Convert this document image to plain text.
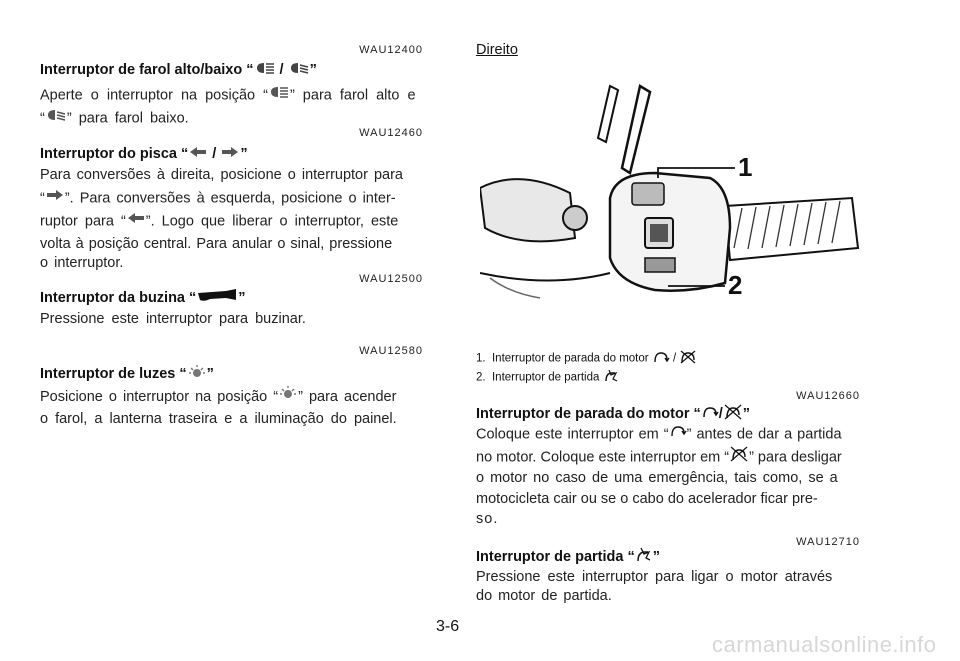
WAU12400
Interruptor de farol alto/baixo “ / ”
Aperte o interruptor na posição “ ” para farol alto e
“ ” para farol baixo.
WAU12460
Interruptor do pisca “ / ”
Para conversões à direita, posicione o interruptor para
“ ”. Para conversões à esquerda, posicione o inter-
ruptor para “ ”. Logo que liberar o interruptor, este
volta à posição central. Para anular o sinal, pressione
o interruptor.
WAU12500
Interruptor da buzina “	”
Pressione este interruptor para buzinar.
WAU12580
Interruptor de luzes “ ”
Posicione o interruptor na posição “ ” para acender
o farol, a lanterna traseira e a iluminação do painel.
Direito
1
2
1. Interruptor de parada do motor  /
2. Interruptor de partida
WAU12660
Interruptor de parada do motor “ / ”
Coloque este interruptor em “ ” antes de dar a partida
no motor. Coloque este interruptor em “ ” para desligar
o motor no caso de uma emergência, tais como, se a
motocicleta cair ou se o cabo do acelerador ficar pre-
so.
WAU12710
Interruptor de partida “ ”
Pressione este interruptor para ligar o motor através
do motor de partida.
3-6
carmanualsonline.info
